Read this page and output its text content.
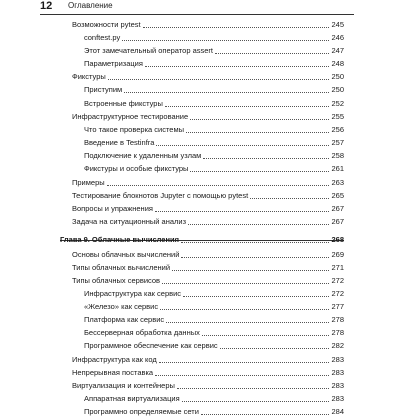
12 Оглавление
Возможности pytest	245
conftest.py	246
Этот замечательный оператор assert	247
Параметризация	248
Фикстуры	250
Приступим	250
Встроенные фикстуры	252
Инфраструктурное тестирование	255
Что такое проверка системы	256
Введение в Testinfra	257
Подключение к удаленным узлам	258
Фикстуры и особые фикстуры	261
Примеры	263
Тестирование блокнотов Jupyter с помощью pytest	265
Вопросы и упражнения	267
Задача на ситуационный анализ	267
Глава 9. Облачные вычисления	268
Основы облачных вычислений	269
Типы облачных вычислений	271
Типы облачных сервисов	272
Инфраструктура как сервис	272
«Железо» как сервис	277
Платформа как сервис	278
Бессерверная обработка данных	278
Программное обеспечение как сервис	282
Инфраструктура как код	283
Непрерывная поставка	283
Виртуализация и контейнеры	283
Аппаратная виртуализация	283
Программно определяемые сети	284
